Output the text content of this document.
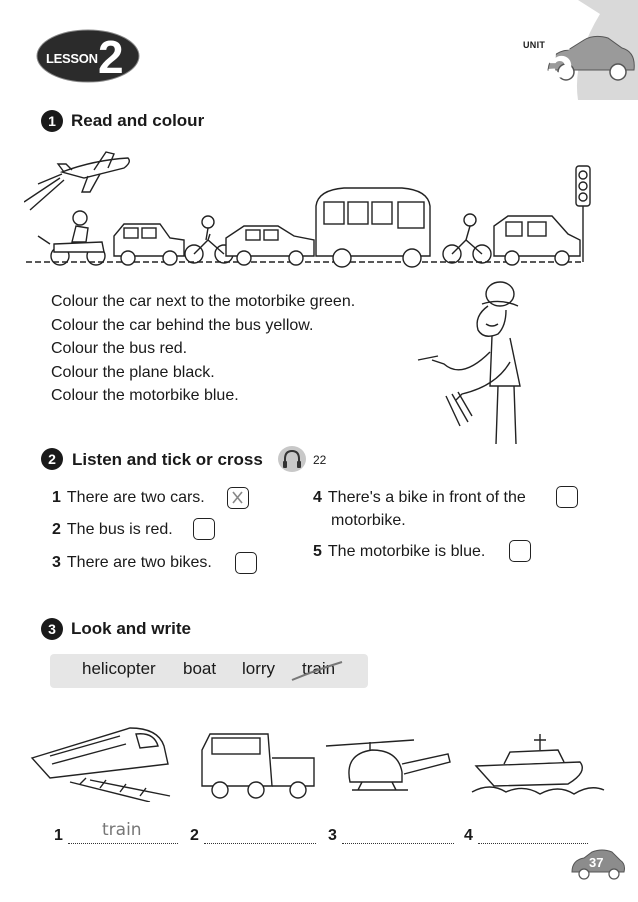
LESSON 2	UNIT 5
1 Read and colour
Colour the car next to the motorbike green.
Colour the car behind the bus yellow.
Colour the bus red.
Colour the plane black.
Colour the motorbike blue.
2 Listen and tick or cross	22
1 There are two cars.
2 The bus is red.
3 There are two bikes.
4 There's a bike in front of the
motorbike.
5 The motorbike is blue.
3 Look and write
helicopter boat lorry train
1 train	2	3	4
37
